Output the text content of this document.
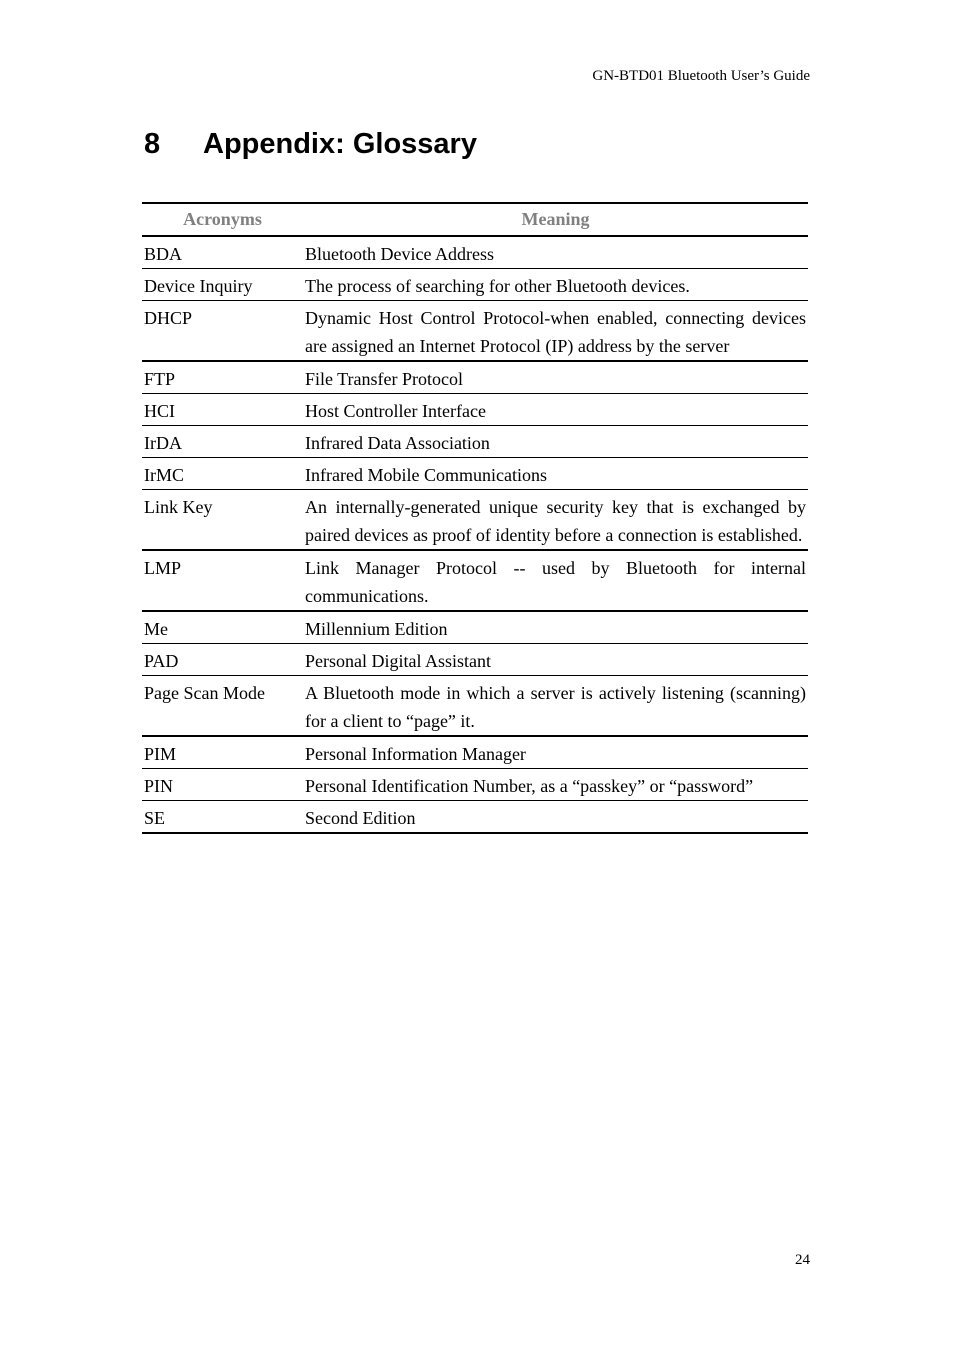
GN-BTD01 Bluetooth User’s Guide
8 Appendix: Glossary
Acronyms	Meaning
BDA	Bluetooth Device Address
Device Inquiry	The process of searching for other Bluetooth devices.
DHCP	Dynamic Host Control Protocol-when enabled, connecting devices are assigned an Internet Protocol (IP) address by the server
FTP	File Transfer Protocol
HCI	Host Controller Interface
IrDA	Infrared Data Association
IrMC	Infrared Mobile Communications
Link Key	An internally-generated unique security key that is exchanged by paired devices as proof of identity before a connection is established.
LMP	Link Manager Protocol -- used by Bluetooth for internal communications.
Me	Millennium Edition
PAD	Personal Digital Assistant
Page Scan Mode	A Bluetooth mode in which a server is actively listening (scanning) for a client to “page” it.
PIM	Personal Information Manager
PIN	Personal Identification Number, as a “passkey” or “password”
SE	Second Edition
24
